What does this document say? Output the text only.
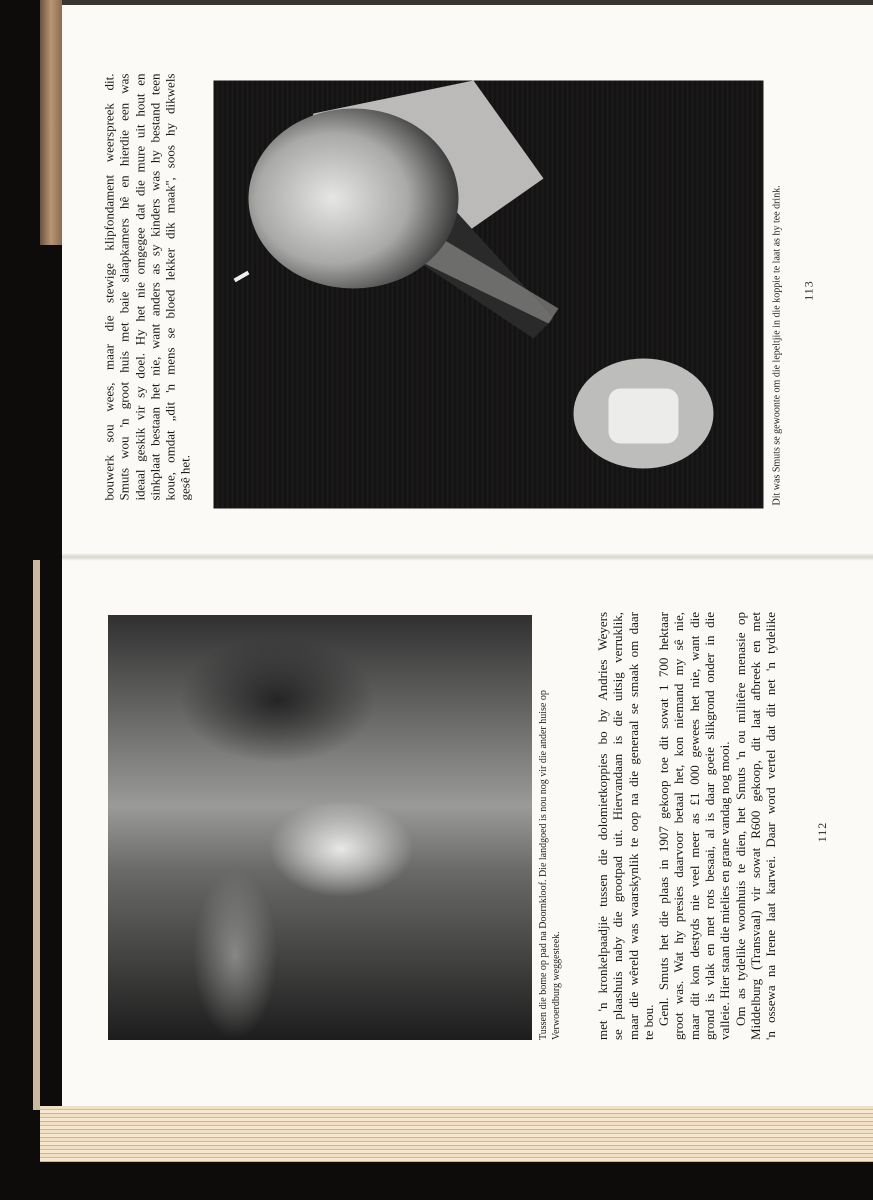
bouwerk sou wees, maar die stewige klipfondament weerspreek dit. Smuts wou 'n groot huis met baie slaapkamers hê en hierdie een was ideaal geskik vir sy doel. Hy het nie omgegee dat die mure uit hout en sinkplaat bestaan het nie, want anders as sy kinders was hy bestand teen koue, omdat „dit 'n mens se bloed lekker dik maak'', soos hy dikwels gesê het.	Dit was Smuts se gewoonte om die lepeltjie in die koppie te laat as hy tee drink. 113
Tussen die bome op pad na Doornkloof. Die landgoed is nou nog vir die ander huise op Verwoerdburg weggesteek.	met 'n kronkelpaadjie tussen die dolomietkoppies bo by Andries Weyers se plaashuis naby die grootpad uit. Hiervandaan is die uitsig verruklik, maar die wêreld was waarskynlik te oop na die generaal se smaak om daar te bou. Genl. Smuts het die plaas in 1907 gekoop toe dit sowat 1 700 hektaar groot was. Wat hy presies daarvoor betaal het, kon niemand my sê nie, maar dit kon destyds nie veel meer as £1 000 gewees het nie, want die grond is vlak en met rots besaai, al is daar goeie slikgrond onder in die valleie. Hier staan die mielies en grane vandag nog mooi. Om as tydelike woonhuis te dien, het Smuts 'n ou militêre menasie op Middelburg (Transvaal) vir sowat R600 gekoop, dit laat afbreek en met 'n ossewa na Irene laat karwei. Daar word vertel dat dit net 'n tydelike	112
